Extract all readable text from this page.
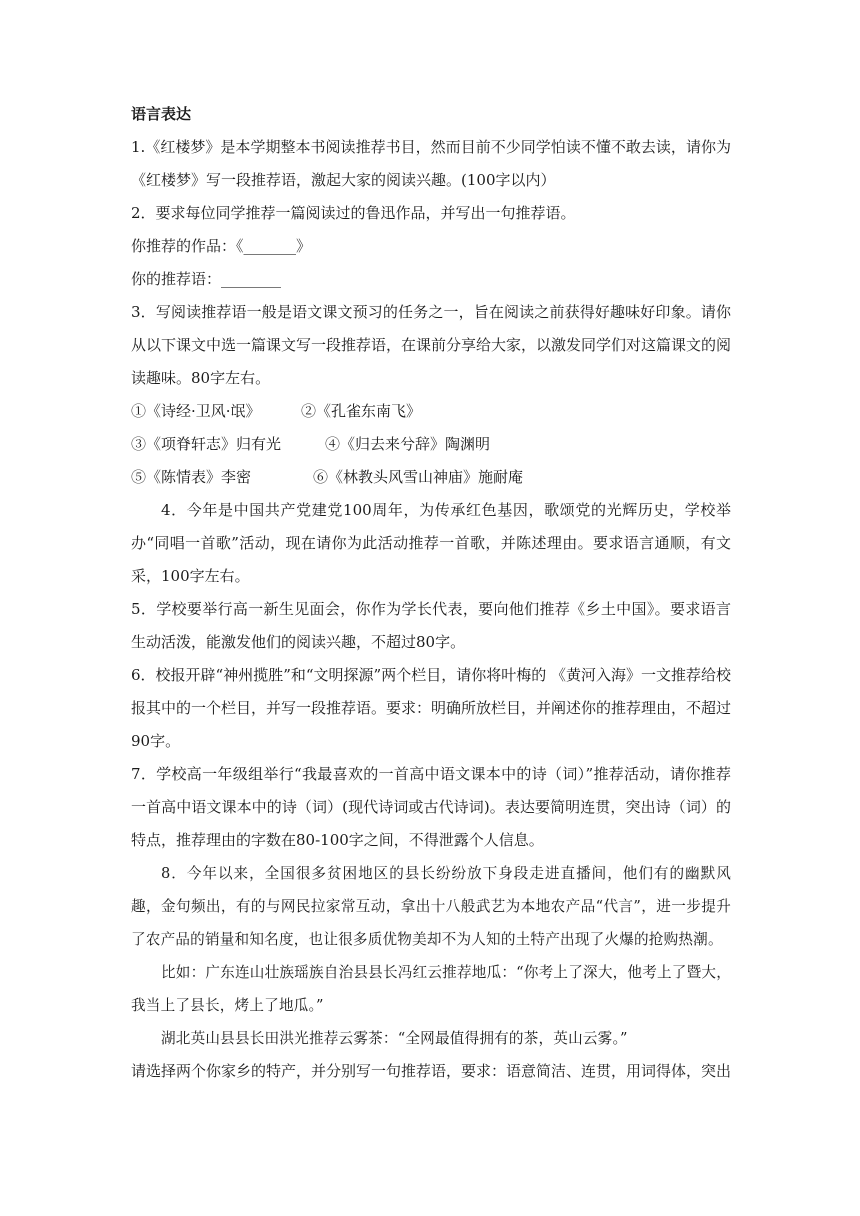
语言表达

1.《红楼梦》是本学期整本书阅读推荐书目，然而目前不少同学怕读不懂不敢去读，请你为《红楼梦》写一段推荐语，激起大家的阅读兴趣。(100字以内）

2．要求每位同学推荐一篇阅读过的鲁迅作品，并写出一句推荐语。

你推荐的作品：《_______》

你的推荐语：________

3．写阅读推荐语一般是语文课文预习的任务之一，旨在阅读之前获得好趣味好印象。请你从以下课文中选一篇课文写一段推荐语，在课前分享给大家，以激发同学们对这篇课文的阅读趣味。80字左右。

①《诗经·卫风·氓》	②《孔雀东南飞》
③《项脊轩志》归有光	④《归去来兮辞》陶渊明
⑤《陈情表》李密	⑥《林教头风雪山神庙》施耐庵

4．今年是中国共产党建党100周年，为传承红色基因，歌颂党的光辉历史，学校举办“同唱一首歌”活动，现在请你为此活动推荐一首歌，并陈述理由。要求语言通顺，有文采，100字左右。

5．学校要举行高一新生见面会，你作为学长代表，要向他们推荐《乡土中国》。要求语言生动活泼，能激发他们的阅读兴趣，不超过80字。

6．校报开辟“神州揽胜”和“文明探源”两个栏目，请你将叶梅的 《黄河入海》一文推荐给校报其中的一个栏目，并写一段推荐语。要求：明确所放栏目，并阐述你的推荐理由，不超过90字。

7．学校高一年级组举行“我最喜欢的一首高中语文课本中的诗（词）”推荐活动，请你推荐一首高中语文课本中的诗（词）(现代诗词或古代诗词)。表达要简明连贯，突出诗（词）的特点，推荐理由的字数在80-100字之间，不得泄露个人信息。

8．今年以来，全国很多贫困地区的县长纷纷放下身段走进直播间，他们有的幽默风趣，金句频出，有的与网民拉家常互动，拿出十八般武艺为本地农产品“代言”，进一步提升了农产品的销量和知名度，也让很多质优物美却不为人知的土特产出现了火爆的抢购热潮。

比如：广东连山壮族瑶族自治县县长冯红云推荐地瓜：“你考上了深大，他考上了暨大，我当上了县长，烤上了地瓜。”

湖北英山县县长田洪光推荐云雾茶：“全网最值得拥有的茶，英山云雾。”

请选择两个你家乡的特产，并分别写一句推荐语，要求：语意简洁、连贯，用词得体，突出
